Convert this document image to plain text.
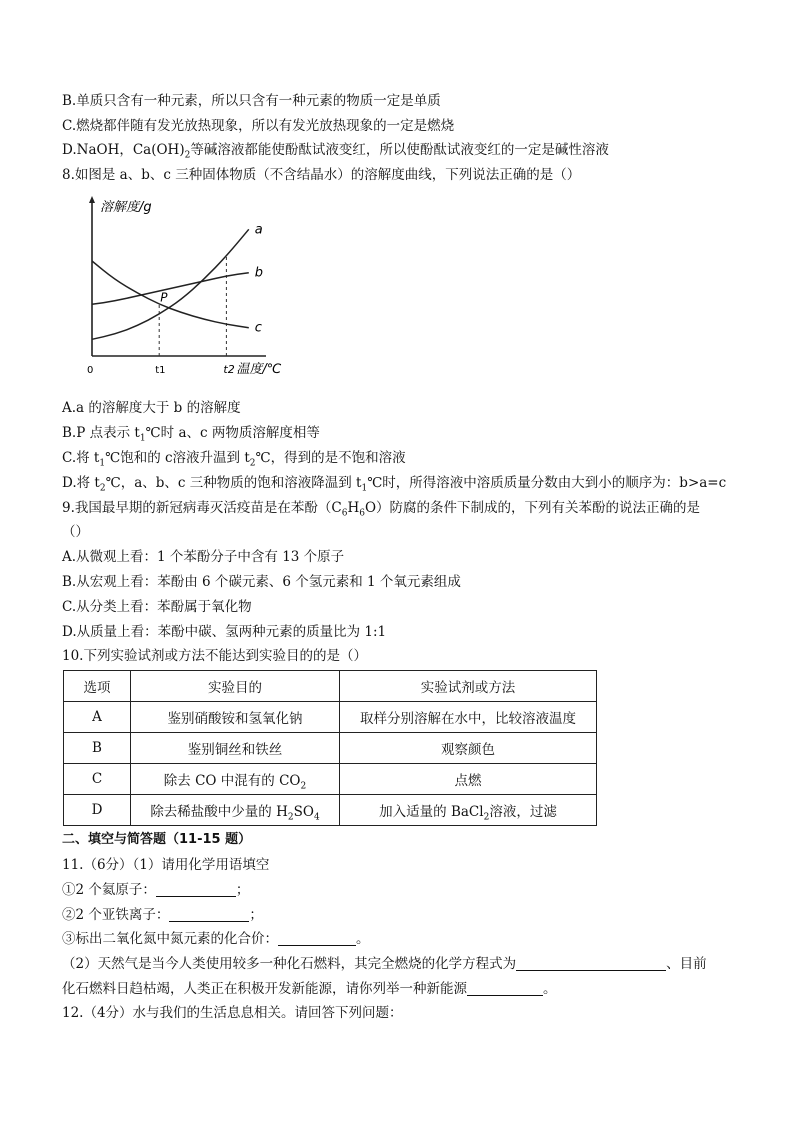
B.单质只含有一种元素，所以只含有一种元素的物质一定是单质
C.燃烧都伴随有发光放热现象，所以有发光放热现象的一定是燃烧
D.NaOH，$Ca(OH)_2$等碱溶液都能使酚酞试液变红，所以使酚酞试液变红的一定是碱性溶液
8.如图是 a、b、c 三种固体物质（不含结晶水）的溶解度曲线，下列说法正确的是（）
溶解度/g
0
a
b
c
t1	t2 温度/℃
P
A.a 的溶解度大于 b 的溶解度
B.P 点表示 $t_1℃$时 a、c 两物质溶解度相等
C.将 $t_1℃$饱和的 c溶液升温到 $t_2℃$，得到的是不饱和溶液
D.将 $t_2℃$，a、b、c 三种物质的饱和溶液降温到 $t_1℃$时，所得溶液中溶质质量分数由大到小的顺序为：b>a=c
9.我国最早期的新冠病毒灭活疫苗是在苯酚$(C_6H_6O)$防腐的条件下制成的，下列有关苯酚的说法正确的是
（）
A.从微观上看：1 个苯酚分子中含有 13 个原子
B.从宏观上看：苯酚由 6 个碳元素、6 个氢元素和 1 个氧元素组成
C.从分类上看：苯酚属于氧化物
D.从质量上看：苯酚中碳、氢两种元素的质量比为 1:1
10.下列实验试剂或方法不能达到实验目的的是（）
选项	实验目的	实验试剂或方法
A	鉴别硝酸铵和氢氧化钠	取样分别溶解在水中，比较溶液温度
B	鉴别铜丝和铁丝	观察颜色
C	除去 CO 中混有的 $CO_2$	点燃
D	除去稀盐酸中少量的 $H_2SO_4$	加入适量的 BaCl$_2$溶液，过滤
二、填空与简答题（11-15 题）
11.（6分）（1）请用化学用语填空
①2 个氦原子：	；
②2 个亚铁离子：	；
③标出二氧化氮中氮元素的化合价：	。
（2）天然气是当今人类使用较多一种化石燃料，其完全燃烧的化学方程式为	、目前
化石燃料日趋枯竭，人类正在积极开发新能源，请你列举一种新能源	。
12.（4分）水与我们的生活息息相关。请回答下列问题：
